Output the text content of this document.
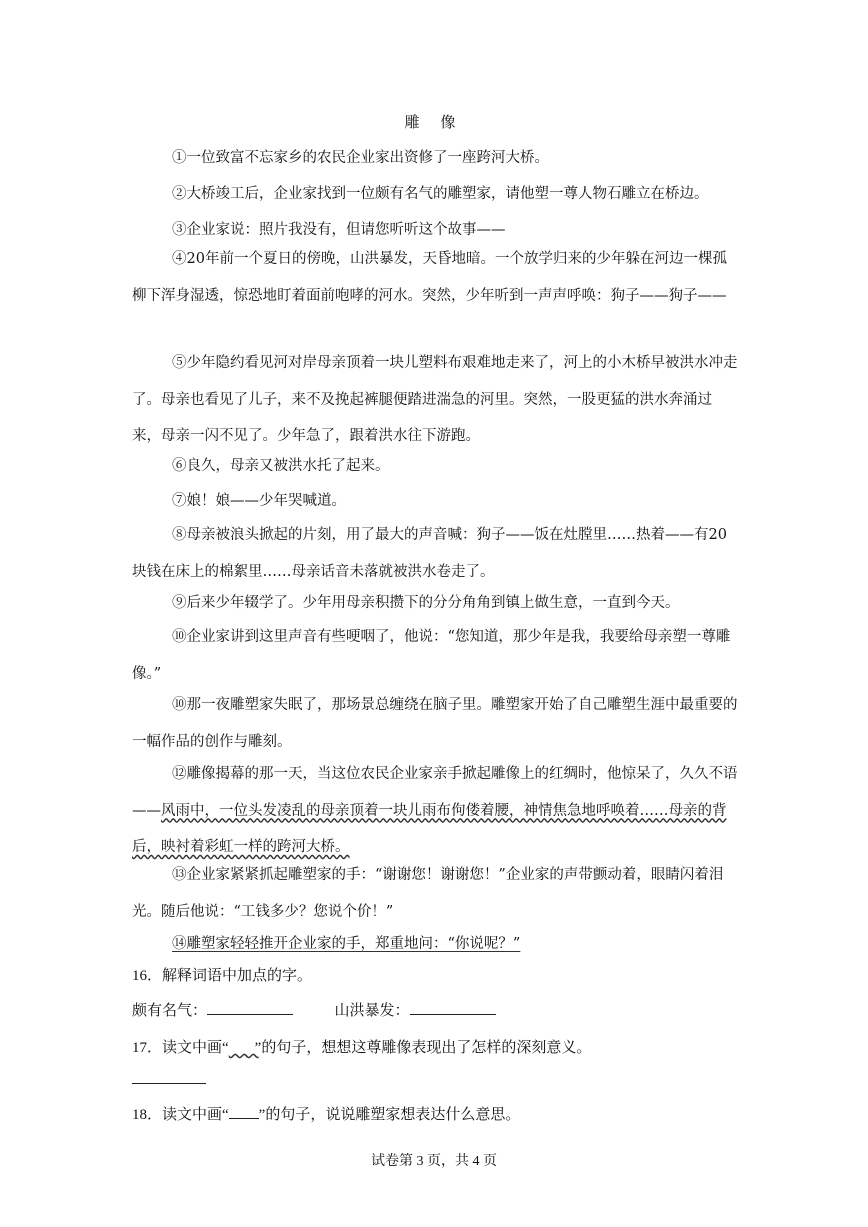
雕 像
①一位致富不忘家乡的农民企业家出资修了一座跨河大桥。
②大桥竣工后，企业家找到一位颇有名气的雕塑家，请他塑一尊人物石雕立在桥边。
③企业家说：照片我没有，但请您听听这个故事——
④20年前一个夏日的傍晚，山洪暴发，天昏地暗。一个放学归来的少年躲在河边一棵孤柳下浑身湿透，惊恐地盯着面前咆哮的河水。突然，少年听到一声声呼唤：狗子——狗子——
⑤少年隐约看见河对岸母亲顶着一块儿塑料布艰难地走来了，河上的小木桥早被洪水冲走了。母亲也看见了儿子，来不及挽起裤腿便踏进湍急的河里。突然，一股更猛的洪水奔涌过来，母亲一闪不见了。少年急了，跟着洪水往下游跑。
⑥良久，母亲又被洪水托了起来。
⑦娘！娘——少年哭喊道。
⑧母亲被浪头掀起的片刻，用了最大的声音喊：狗子——饭在灶膛里……热着——有20块钱在床上的棉絮里……母亲话音未落就被洪水卷走了。
⑨后来少年辍学了。少年用母亲积攒下的分分角角到镇上做生意，一直到今天。
⑩企业家讲到这里声音有些哽咽了，他说：“您知道，那少年是我，我要给母亲塑一尊雕像。”
⑩那一夜雕塑家失眠了，那场景总缠绕在脑子里。雕塑家开始了自己雕塑生涯中最重要的一幅作品的创作与雕刻。
⑫雕像揭幕的那一天，当这位农民企业家亲手掀起雕像上的红绸时，他惊呆了，久久不语——风雨中，一位头发凌乱的母亲顶着一块儿雨布佝偻着腰，神情焦急地呼唤着……母亲的背后，映衬着彩虹一样的跨河大桥。
⑬企业家紧紧抓起雕塑家的手：“谢谢您！谢谢您！”企业家的声带颤动着，眼睛闪着泪光。随后他说：“工钱多少？您说个价！”
⑭雕塑家轻轻推开企业家的手，郑重地问：“你说呢？”
16．解释词语中加点的字。
颇有名气：	山洪暴发：
17．读文中画“ ”的句子，想想这尊雕像表现出了怎样的深刻意义。
18．读文中画“ ”的句子，说说雕塑家想表达什么意思。
试卷第 3 页，共 4 页
